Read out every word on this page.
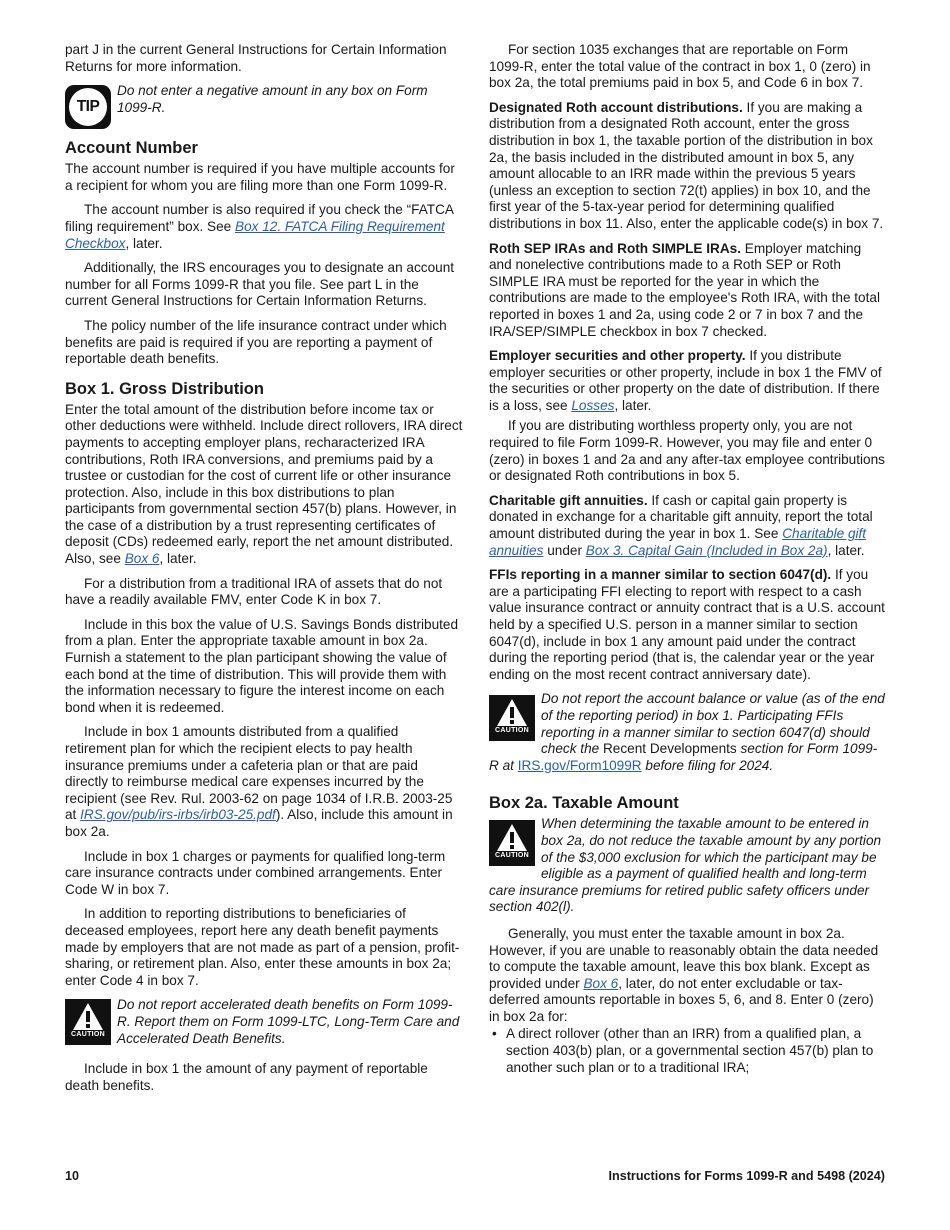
part J in the current General Instructions for Certain Information Returns for more information.

TIP
Do not enter a negative amount in any box on Form 1099-R.
Account Number

The account number is required if you have multiple accounts for a recipient for whom you are filing more than one Form 1099-R.

The account number is also required if you check the “FATCA filing requirement” box. See Box 12. FATCA Filing Requirement Checkbox, later.

Additionally, the IRS encourages you to designate an account number for all Forms 1099-R that you file. See part L in the current General Instructions for Certain Information Returns.

The policy number of the life insurance contract under which benefits are paid is required if you are reporting a payment of reportable death benefits.

Box 1. Gross Distribution

Enter the total amount of the distribution before income tax or other deductions were withheld. Include direct rollovers, IRA direct payments to accepting employer plans, recharacterized IRA contributions, Roth IRA conversions, and premiums paid by a trustee or custodian for the cost of current life or other insurance protection. Also, include in this box distributions to plan participants from governmental section 457(b) plans. However, in the case of a distribution by a trust representing certificates of deposit (CDs) redeemed early, report the net amount distributed. Also, see Box 6, later.

For a distribution from a traditional IRA of assets that do not have a readily available FMV, enter Code K in box 7.

Include in this box the value of U.S. Savings Bonds distributed from a plan. Enter the appropriate taxable amount in box 2a. Furnish a statement to the plan participant showing the value of each bond at the time of distribution. This will provide them with the information necessary to figure the interest income on each bond when it is redeemed.

Include in box 1 amounts distributed from a qualified retirement plan for which the recipient elects to pay health insurance premiums under a cafeteria plan or that are paid directly to reimburse medical care expenses incurred by the recipient (see Rev. Rul. 2003-62 on page 1034 of I.R.B. 2003-25 at IRS.gov/pub/irs-irbs/irb03-25.pdf). Also, include this amount in box 2a.

Include in box 1 charges or payments for qualified long-term care insurance contracts under combined arrangements. Enter Code W in box 7.

In addition to reporting distributions to beneficiaries of deceased employees, report here any death benefit payments made by employers that are not made as part of a pension, profit-sharing, or retirement plan. Also, enter these amounts in box 2a; enter Code 4 in box 7.

CAUTION
Do not report accelerated death benefits on Form 1099-R. Report them on Form 1099-LTC, Long-Term Care and Accelerated Death Benefits.

Include in box 1 the amount of any payment of reportable death benefits.

For section 1035 exchanges that are reportable on Form 1099-R, enter the total value of the contract in box 1, 0 (zero) in box 2a, the total premiums paid in box 5, and Code 6 in box 7.

Designated Roth account distributions. If you are making a distribution from a designated Roth account, enter the gross distribution in box 1, the taxable portion of the distribution in box 2a, the basis included in the distributed amount in box 5, any amount allocable to an IRR made within the previous 5 years (unless an exception to section 72(t) applies) in box 10, and the first year of the 5-tax-year period for determining qualified distributions in box 11. Also, enter the applicable code(s) in box 7.

Roth SEP IRAs and Roth SIMPLE IRAs. Employer matching and nonelective contributions made to a Roth SEP or Roth SIMPLE IRA must be reported for the year in which the contributions are made to the employee's Roth IRA, with the total reported in boxes 1 and 2a, using code 2 or 7 in box 7 and the IRA/SEP/SIMPLE checkbox in box 7 checked.

Employer securities and other property. If you distribute employer securities or other property, include in box 1 the FMV of the securities or other property on the date of distribution. If there is a loss, see Losses, later.

If you are distributing worthless property only, you are not required to file Form 1099-R. However, you may file and enter 0 (zero) in boxes 1 and 2a and any after-tax employee contributions or designated Roth contributions in box 5.

Charitable gift annuities. If cash or capital gain property is donated in exchange for a charitable gift annuity, report the total amount distributed during the year in box 1. See Charitable gift annuities under Box 3. Capital Gain (Included in Box 2a), later.

FFIs reporting in a manner similar to section 6047(d). If you are a participating FFI electing to report with respect to a cash value insurance contract or annuity contract that is a U.S. account held by a specified U.S. person in a manner similar to section 6047(d), include in box 1 any amount paid under the contract during the reporting period (that is, the calendar year or the year ending on the most recent contract anniversary date).

CAUTION
Do not report the account balance or value (as of the end of the reporting period) in box 1. Participating FFIs reporting in a manner similar to section 6047(d) should check the Recent Developments section for Form 1099-R at IRS.gov/Form1099R before filing for 2024.
Box 2a. Taxable Amount
CAUTION
When determining the taxable amount to be entered in box 2a, do not reduce the taxable amount by any portion of the $3,000 exclusion for which the participant may be eligible as a payment of qualified health and long-term care insurance premiums for retired public safety officers under section 402(l).

Generally, you must enter the taxable amount in box 2a. However, if you are unable to reasonably obtain the data needed to compute the taxable amount, leave this box blank. Except as provided under Box 6, later, do not enter excludable or tax-deferred amounts reportable in boxes 5, 6, and 8. Enter 0 (zero) in box 2a for:

• A direct rollover (other than an IRR) from a qualified plan, a section 403(b) plan, or a governmental section 457(b) plan to another such plan or to a traditional IRA;
10	Instructions for Forms 1099-R and 5498 (2024)
